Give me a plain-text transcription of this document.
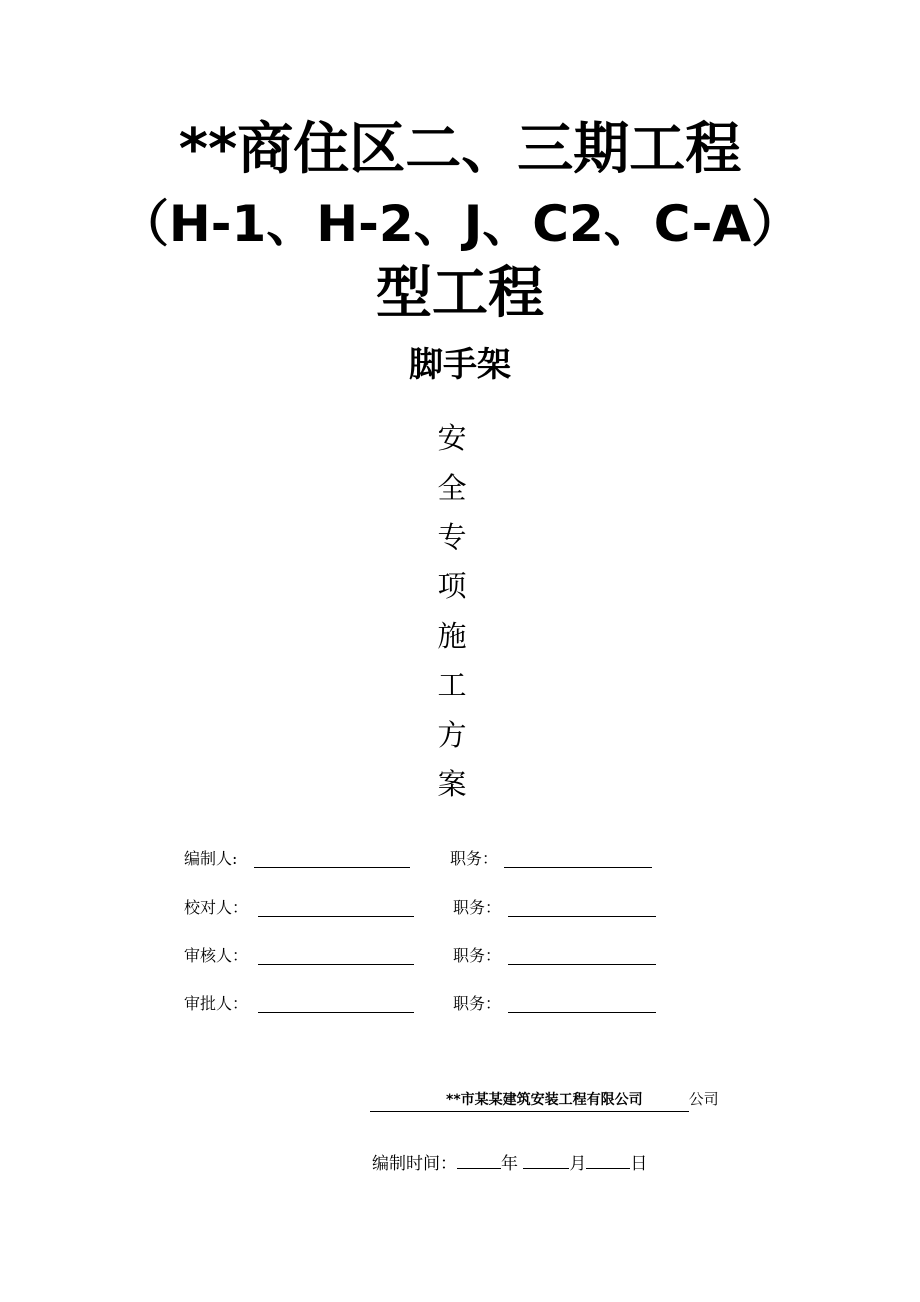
**商住区二、三期工程
（H-1、H-2、J、C2、C-A）
型工程
脚手架
安
全
专
项
施
工
方
案
编制人:	职务：
校对人：	职务：
审核人：	职务：
审批人：	职务：
**市某某建筑安装工程有限公司	公司
编制时间：	年	月	日
